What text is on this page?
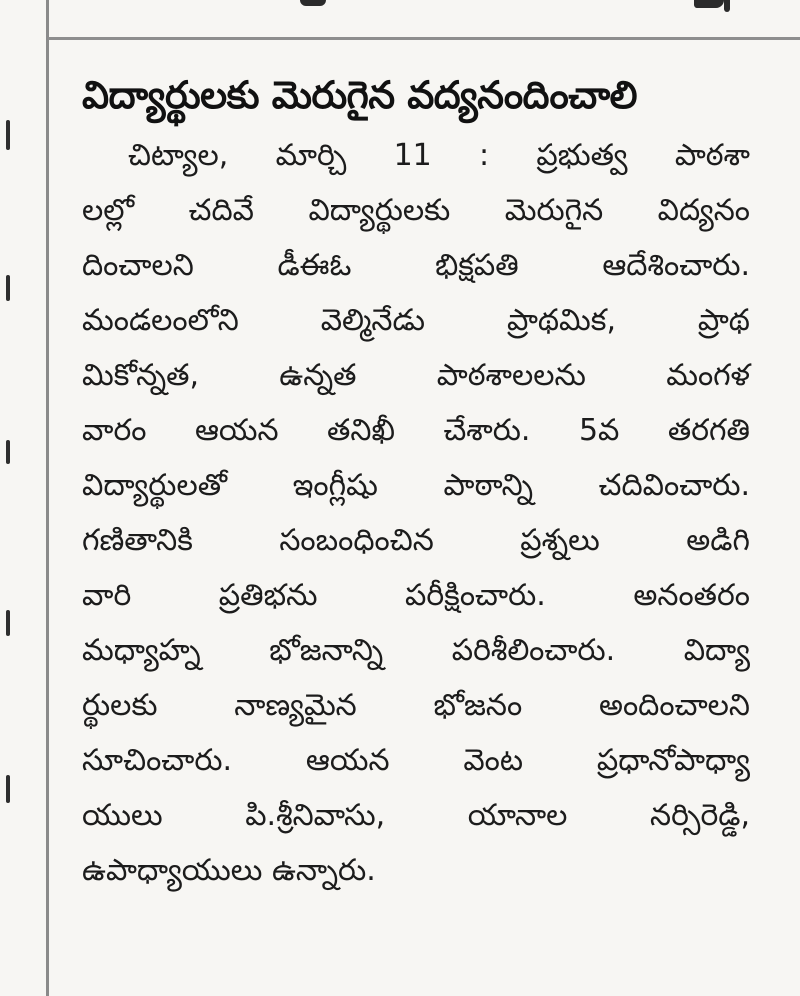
విద్యార్థులకు మెరుగైన వద్యనందించాలి
చిట్యాల, మార్చి 11 : ప్రభుత్వ పాఠశా
లల్లో చదివే విద్యార్థులకు మెరుగైన విద్యనం
దించాలని డీఈఓ భిక్షపతి ఆదేశించారు.
మండలంలోని వెల్మినేడు ప్రాథమిక, ప్రాథ
మికోన్నత, ఉన్నత పాఠశాలలను మంగళ
వారం ఆయన తనిఖీ చేశారు. 5వ తరగతి
విద్యార్థులతో ఇంగ్లీషు పాఠాన్ని చదివించారు.
గణితానికి సంబంధించిన ప్రశ్నలు అడిగి
వారి ప్రతిభను పరీక్షించారు. అనంతరం
మధ్యాహ్న భోజనాన్ని పరిశీలించారు. విద్యా
ర్థులకు నాణ్యమైన భోజనం అందించాలని
సూచించారు. ఆయన వెంట ప్రధానోపాధ్యా
యులు పి.శ్రీనివాసు, యానాల నర్సిరెడ్డి,
ఉపాధ్యాయులు ఉన్నారు.
